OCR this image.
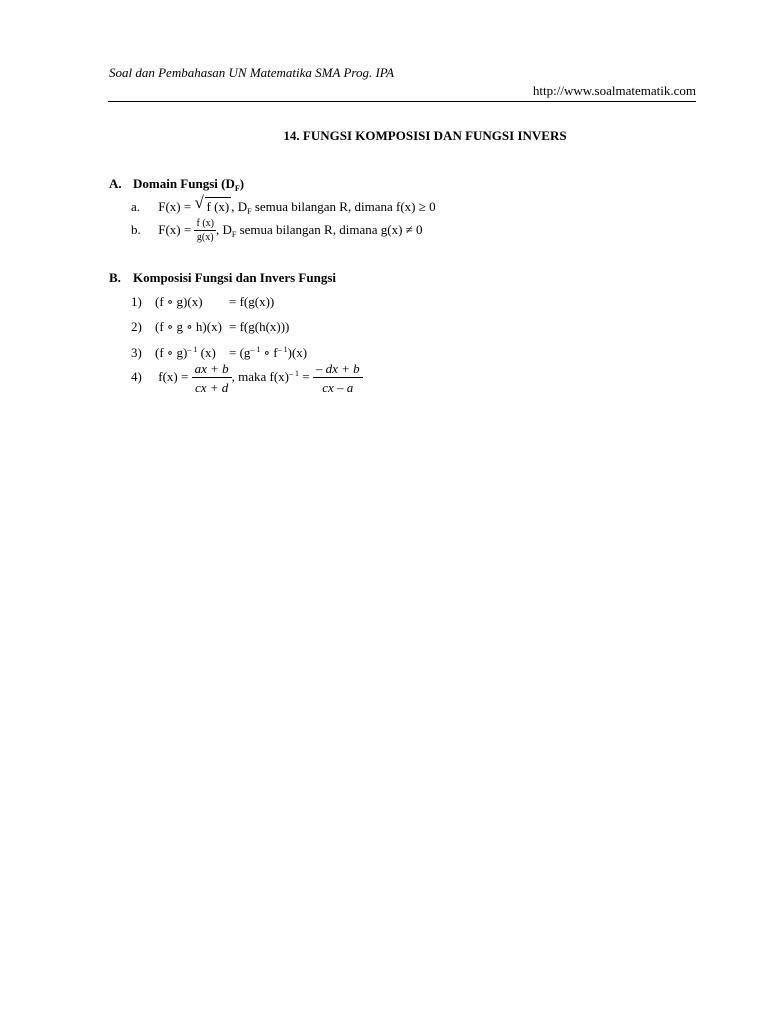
Soal dan Pembahasan UN Matematika SMA Prog. IPA
http://www.soalmatematik.com
14. FUNGSI KOMPOSISI DAN FUNGSI INVERS
A. Domain Fungsi $(D_F)$
a. F(x) = √ f (x) , $D_F$ semua bilangan R, dimana f(x) ≥ 0
b. $F(x) = \frac{f (x)}{g(x)}$ , $D_F$ semua bilangan R, dimana g(x) ≠ 0
B. Komposisi Fungsi dan Invers Fungsi
1) (f ∘ g)(x) = f(g(x))
2) (f ∘ g ∘ h)(x) = f(g(h(x)))
3) (f ∘ g)$^{- 1}$ $(x) = (g^{- 1}$ ∘ $f^{- 1})(x)$
4) $f(x) = \frac{ax + b}{cx + d}$ , maka $f(x)^{- 1} = \frac{- dx + b}{cx - a}$
